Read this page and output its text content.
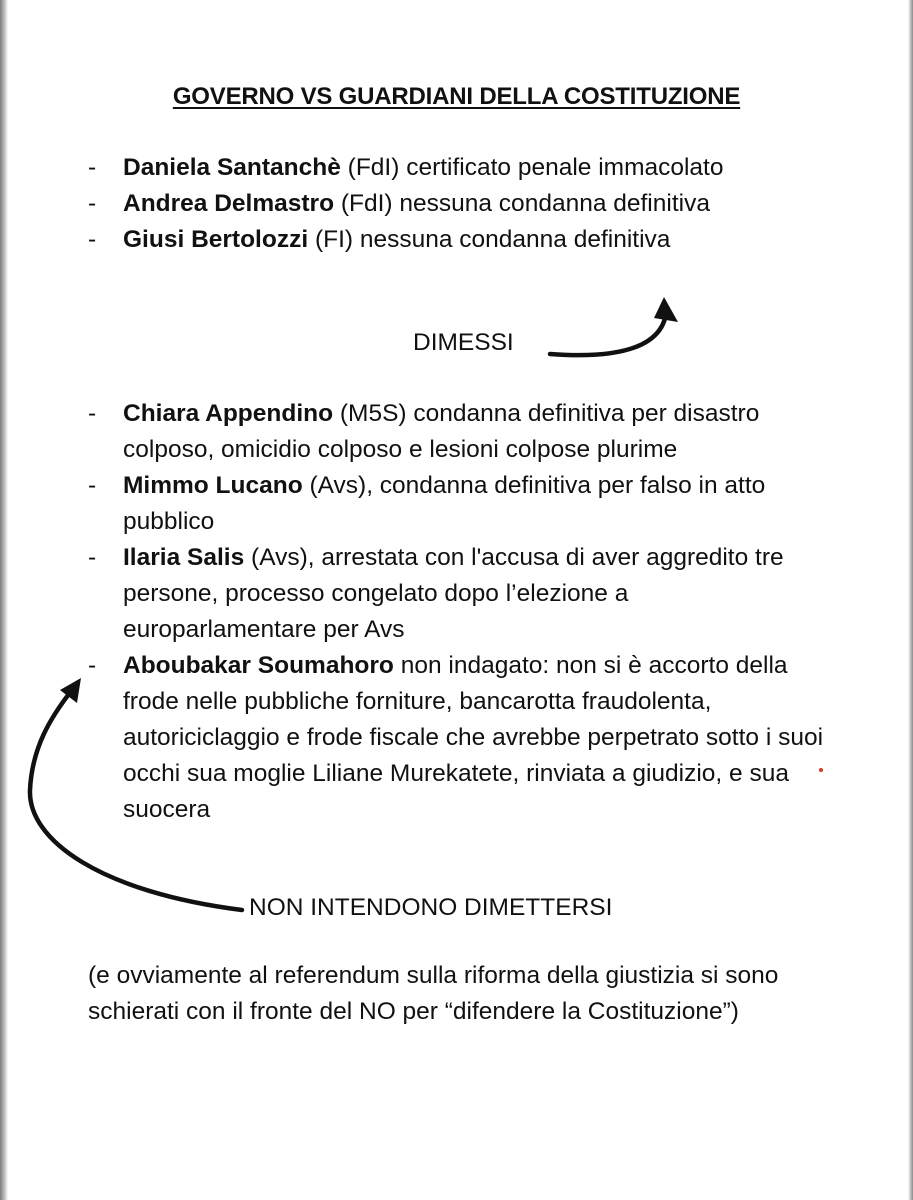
GOVERNO VS GUARDIANI DELLA COSTITUZIONE
- Daniela Santanchè (FdI) certificato penale immacolato
- Andrea Delmastro (FdI) nessuna condanna definitiva
- Giusi Bertolozzi (FI) nessuna condanna definitiva
DIMESSI
- Chiara Appendino (M5S) condanna definitiva per disastro colposo, omicidio colposo e lesioni colpose plurime
- Mimmo Lucano (Avs), condanna definitiva per falso in atto pubblico
- Ilaria Salis (Avs), arrestata con l'accusa di aver aggredito tre persone, processo congelato dopo l’elezione a europarlamentare per Avs
- Aboubakar Soumahoro non indagato: non si è accorto della frode nelle pubbliche forniture, bancarotta fraudolenta, autoriciclaggio e frode fiscale che avrebbe perpetrato sotto i suoi occhi sua moglie Liliane Murekatete, rinviata a giudizio, e sua suocera
NON INTENDONO DIMETTERSI
(e ovviamente al referendum sulla riforma della giustizia si sono schierati con il fronte del NO per “difendere la Costituzione”)
